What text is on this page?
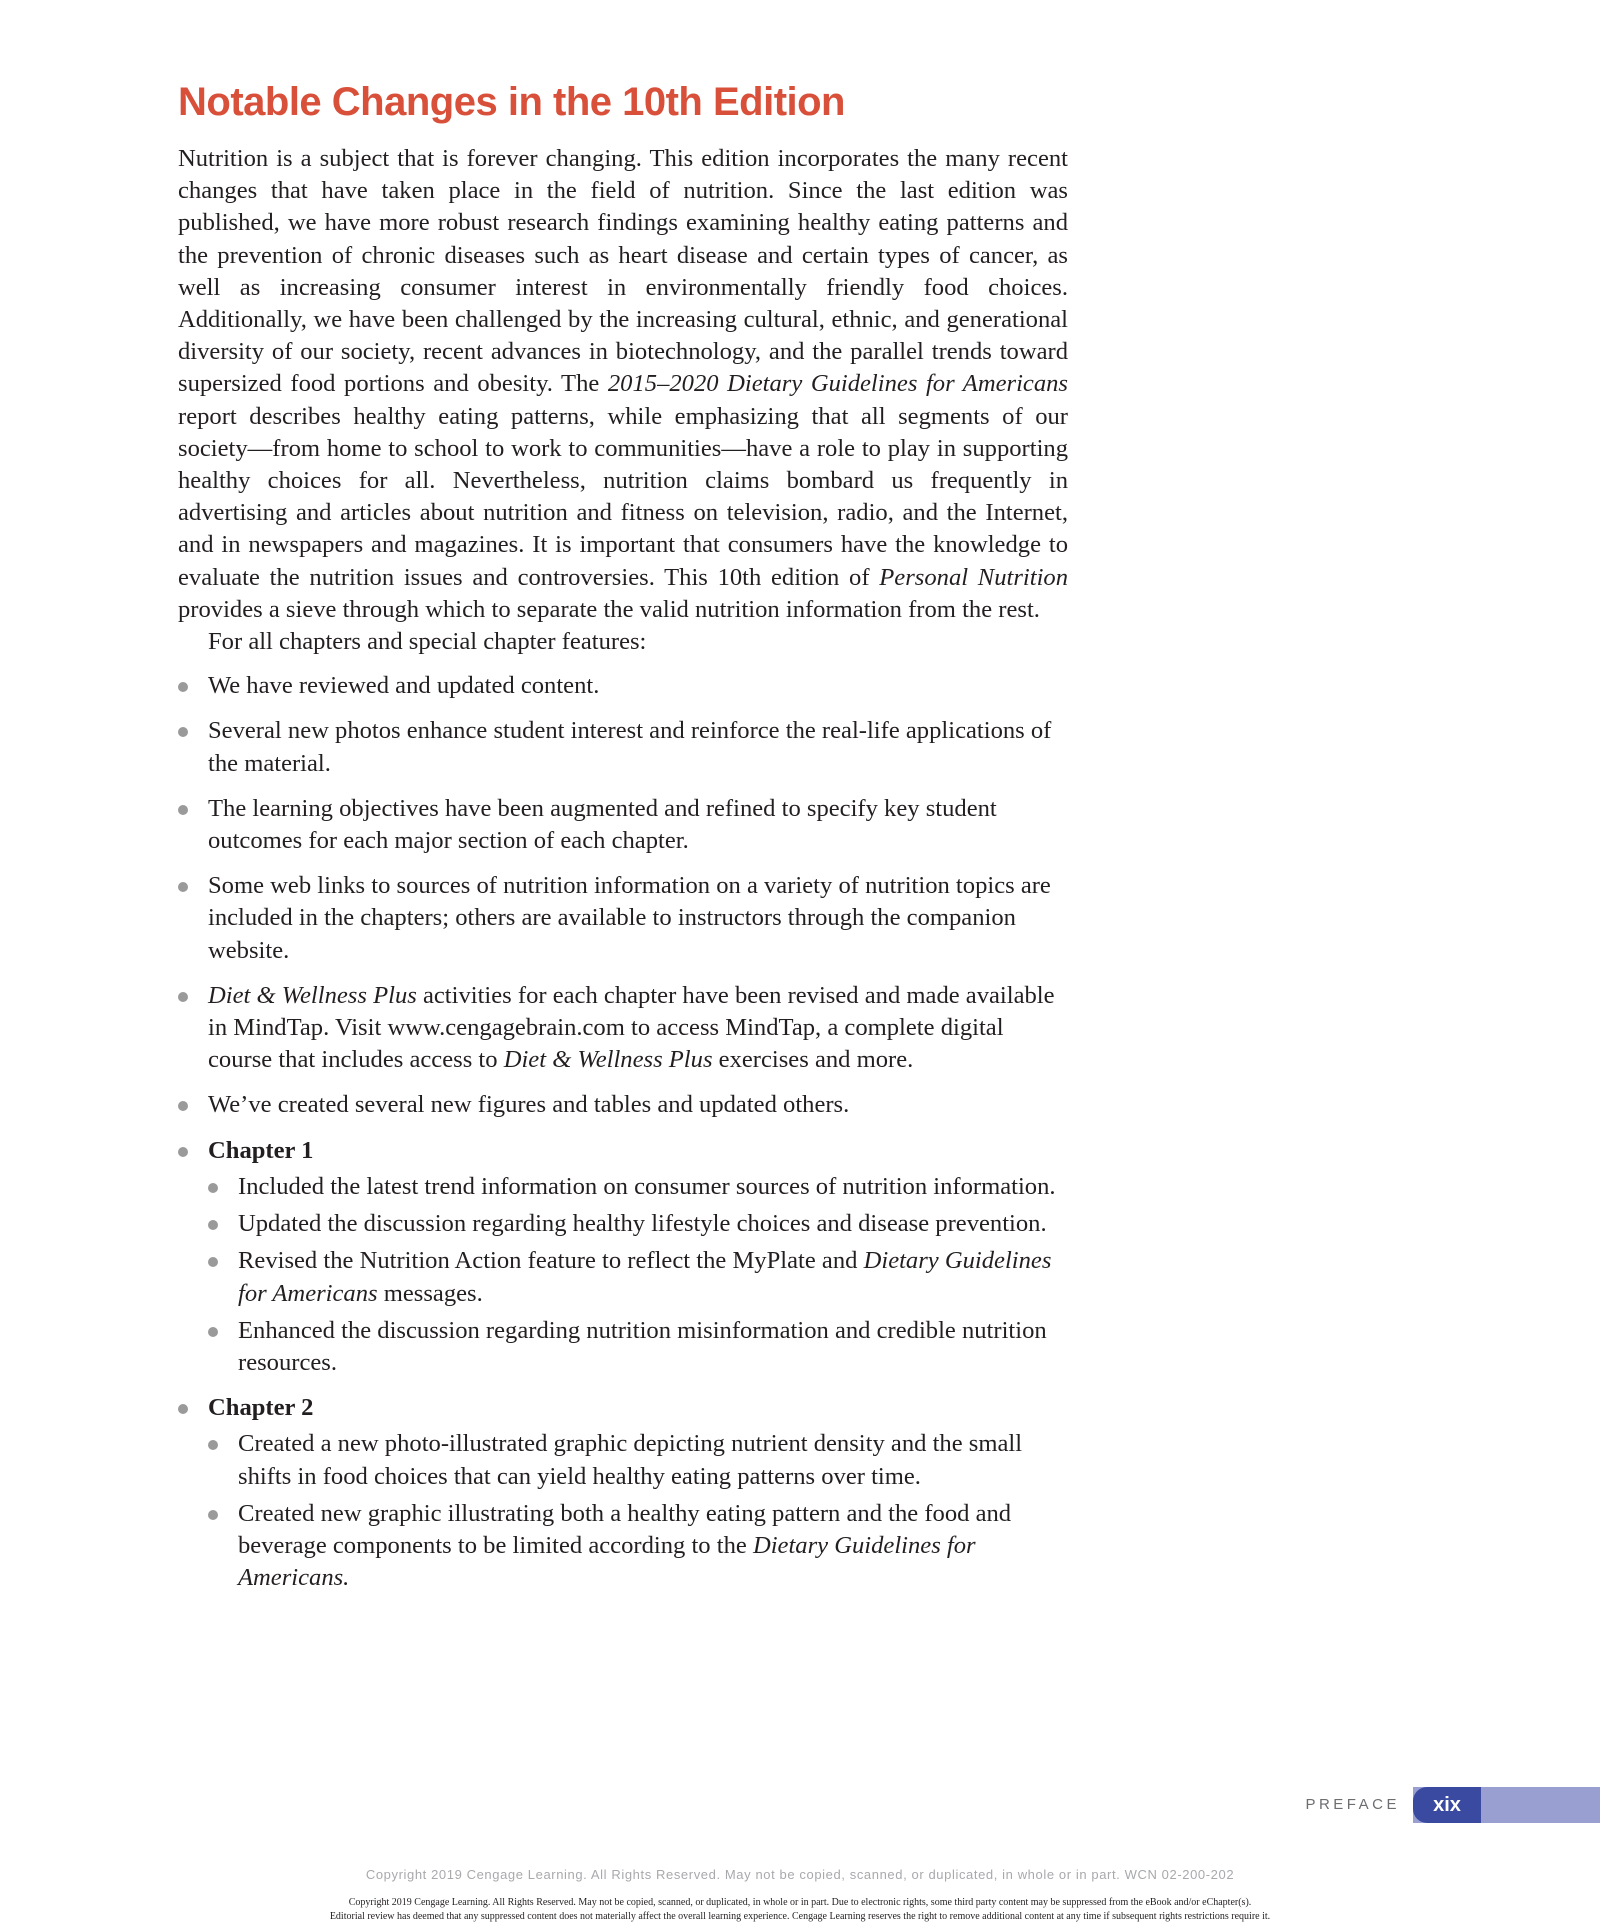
Notable Changes in the 10th Edition

Nutrition is a subject that is forever changing. This edition incorporates the many recent changes that have taken place in the field of nutrition. Since the last edition was published, we have more robust research findings examining healthy eating patterns and the prevention of chronic diseases such as heart disease and certain types of cancer, as well as increasing consumer interest in environmentally friendly food choices. Additionally, we have been challenged by the increasing cultural, ethnic, and generational diversity of our society, recent advances in biotechnology, and the parallel trends toward supersized food portions and obesity. The 2015–2020 Dietary Guidelines for Americans report describes healthy eating patterns, while emphasizing that all segments of our society—from home to school to work to communities—have a role to play in supporting healthy choices for all. Nevertheless, nutrition claims bombard us frequently in advertising and articles about nutrition and fitness on television, radio, and the Internet, and in newspapers and magazines. It is important that consumers have the knowledge to evaluate the nutrition issues and controversies. This 10th edition of Personal Nutrition provides a sieve through which to separate the valid nutrition information from the rest.

For all chapters and special chapter features:

We have reviewed and updated content.
Several new photos enhance student interest and reinforce the real-life applications of the material.
The learning objectives have been augmented and refined to specify key student outcomes for each major section of each chapter.
Some web links to sources of nutrition information on a variety of nutrition topics are included in the chapters; others are available to instructors through the companion website.
Diet & Wellness Plus activities for each chapter have been revised and made available in MindTap. Visit www.cengagebrain.com to access MindTap, a complete digital course that includes access to Diet & Wellness Plus exercises and more.
We’ve created several new figures and tables and updated others.
Chapter 1
Included the latest trend information on consumer sources of nutrition information.
Updated the discussion regarding healthy lifestyle choices and disease prevention.
Revised the Nutrition Action feature to reflect the MyPlate and Dietary Guidelines for Americans messages.
Enhanced the discussion regarding nutrition misinformation and credible nutrition resources.
Chapter 2
Created a new photo-illustrated graphic depicting nutrient density and the small shifts in food choices that can yield healthy eating patterns over time.
Created new graphic illustrating both a healthy eating pattern and the food and beverage components to be limited according to the Dietary Guidelines for Americans.
PREFACE	xix
Copyright 2019 Cengage Learning. All Rights Reserved. May not be copied, scanned, or duplicated, in whole or in part. WCN 02-200-202
Copyright 2019 Cengage Learning. All Rights Reserved. May not be copied, scanned, or duplicated, in whole or in part. Due to electronic rights, some third party content may be suppressed from the eBook and/or eChapter(s).
Editorial review has deemed that any suppressed content does not materially affect the overall learning experience. Cengage Learning reserves the right to remove additional content at any time if subsequent rights restrictions require it.
